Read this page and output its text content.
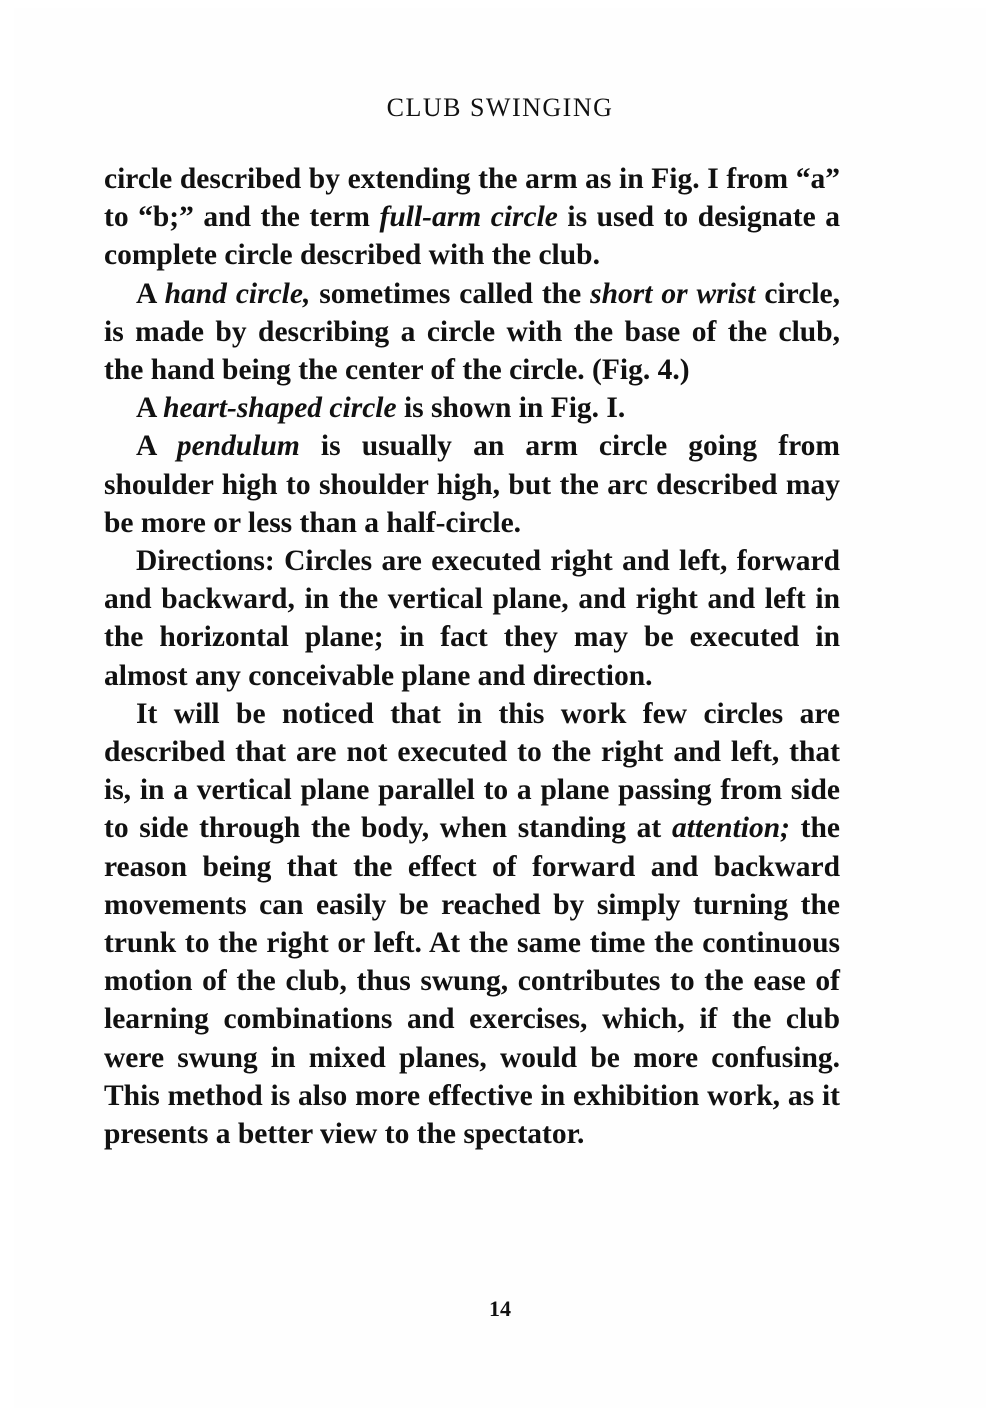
CLUB SWINGING

circle described by extending the arm as in Fig. I from “a” to “b;” and the term full-arm circle is used to designate a complete circle described with the club.

A hand circle, sometimes called the short or wrist circle, is made by describing a circle with the base of the club, the hand being the center of the circle. (Fig. 4.)

A heart-shaped circle is shown in Fig. I.

A pendulum is usually an arm circle going from shoulder high to shoulder high, but the arc described may be more or less than a half-circle.

Directions: Circles are executed right and left, forward and backward, in the vertical plane, and right and left in the horizontal plane; in fact they may be executed in almost any conceivable plane and direction.

It will be noticed that in this work few circles are described that are not executed to the right and left, that is, in a vertical plane parallel to a plane passing from side to side through the body, when standing at attention; the reason being that the effect of forward and backward movements can easily be reached by simply turning the trunk to the right or left. At the same time the continuous motion of the club, thus swung, contributes to the ease of learning combinations and exercises, which, if the club were swung in mixed planes, would be more confusing. This method is also more effective in exhibition work, as it presents a better view to the spectator.

14
